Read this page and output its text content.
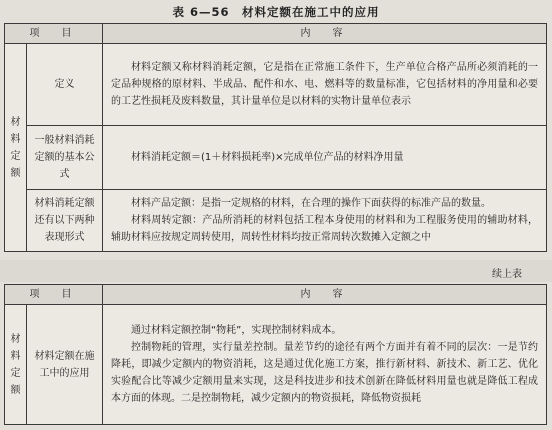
表 6—56　材料定额在施工中的应用
项　目		内　容
材料定额	定义	材料定额又称材料消耗定额，它是指在正常施工条件下，生产单位合格产品所必须消耗的一定品种规格的原材料、半成品、配件和水、电、燃料等的数量标准，它包括材料的净用量和必要的工艺性损耗及废料数量，其计量单位是以材料的实物计量单位表示

	一般材料消耗定额的基本公式	材料消耗定额＝(1＋材料损耗率)×完成单位产品的材料净用量

	材料消耗定额还有以下两种表现形式	材料产品定额：是指一定规格的材料，在合理的操作下面获得的标准产品的数量。

材料周转定额：产品所消耗的材料包括工程本身使用的材料和为工程服务使用的辅助材料，辅助材料应按规定周转使用，周转性材料均按正常周转次数摊入定额之中

续上表
项　目		内　容
材料定额	材料定额在施工中的应用	通过材料定额控制“物耗”，实现控制材料成本。

控制物耗的管理，实行量差控制。量差节约的途径有两个方面并有着不同的层次：一是节约降耗，即减少定额内的物资消耗，这是通过优化施工方案，推行新材料、新技术、新工艺、优化实验配合比等减少定额用量来实现，这是科技进步和技术创新在降低材料用量也就是降低工程成本方面的体现。二是控制物耗，减少定额内的物资损耗，降低物资损耗
